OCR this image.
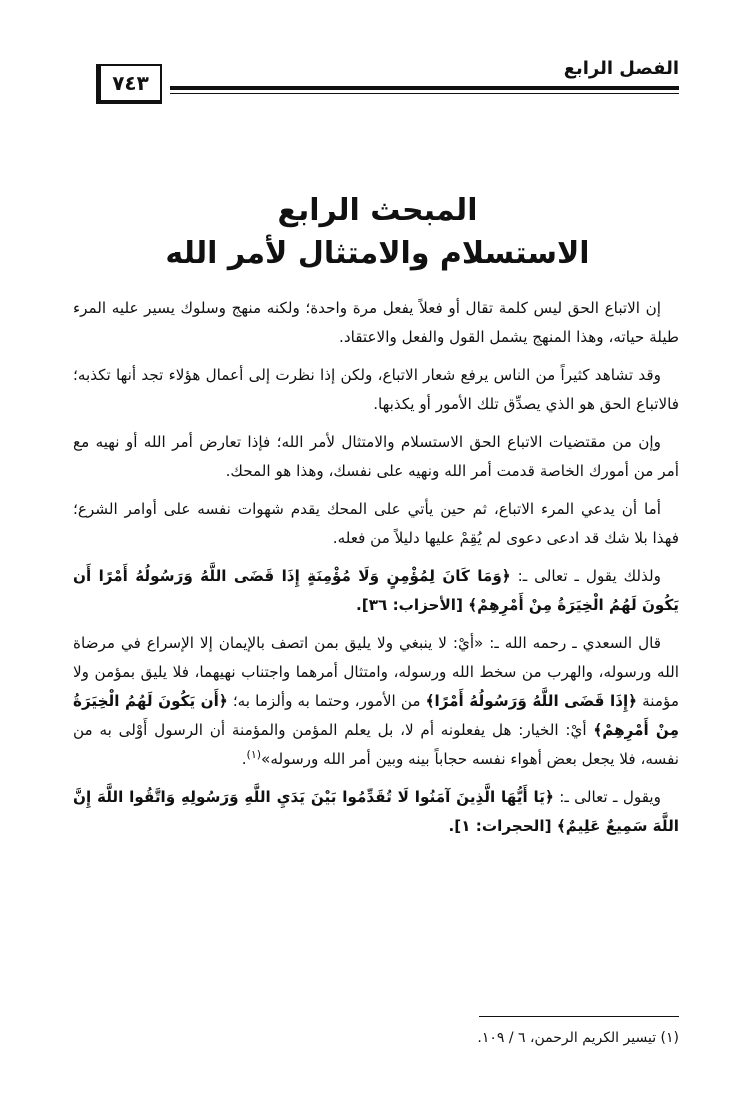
الفصل الرابع
٧٤٣
المبحث الرابع
الاستسلام والامتثال لأمر الله

إن الاتباع الحق ليس كلمة تقال أو فعلاً يفعل مرة واحدة؛ ولكنه منهج وسلوك يسير عليه المرء طيلة حياته، وهذا المنهج يشمل القول والفعل والاعتقاد.

وقد تشاهد كثيراً من الناس يرفع شعار الاتباع، ولكن إذا نظرت إلى أعمال هؤلاء تجد أنها تكذبه؛ فالاتباع الحق هو الذي يصدِّق تلك الأمور أو يكذبها.

وإن من مقتضيات الاتباع الحق الاستسلام والامتثال لأمر الله؛ فإذا تعارض أمر الله أو نهيه مع أمر من أمورك الخاصة قدمت أمر الله ونهيه على نفسك، وهذا هو المحك.

أما أن يدعي المرء الاتباع، ثم حين يأتي على المحك يقدم شهوات نفسه على أوامر الشرع؛ فهذا بلا شك قد ادعى دعوى لم يُقِمْ عليها دليلاً من فعله.

ولذلك يقول ـ تعالى ـ: ﴿وَمَا كَانَ لِمُؤْمِنٍ وَلَا مُؤْمِنَةٍ إِذَا قَضَى اللَّهُ وَرَسُولُهُ أَمْرًا أَن يَكُونَ لَهُمُ الْخِيَرَةُ مِنْ أَمْرِهِمْ﴾ [الأحزاب: ٣٦].

قال السعدي ـ رحمه الله ـ: «أيْ: لا ينبغي ولا يليق بمن اتصف بالإيمان إلا الإسراع في مرضاة الله ورسوله، والهرب من سخط الله ورسوله، وامتثال أمرهما واجتناب نهيهما، فلا يليق بمؤمن ولا مؤمنة ﴿إِذَا قَضَى اللَّهُ وَرَسُولُهُ أَمْرًا﴾ من الأمور، وحتما به وألزما به؛ ﴿أَن يَكُونَ لَهُمُ الْخِيَرَةُ مِنْ أَمْرِهِمْ﴾ أيْ: الخيار: هل يفعلونه أم لا، بل يعلم المؤمن والمؤمنة أن الرسول أَوْلى به من نفسه، فلا يجعل بعض أهواء نفسه حجاباً بينه وبين أمر الله ورسوله»$^{(١)}$.

ويقول ـ تعالى ـ: ﴿يَا أَيُّهَا الَّذِينَ آمَنُوا لَا تُقَدِّمُوا بَيْنَ يَدَيِ اللَّهِ وَرَسُولِهِ وَاتَّقُوا اللَّهَ إِنَّ اللَّهَ سَمِيعٌ عَلِيمٌ﴾ [الحجرات: ١].

(١) تيسير الكريم الرحمن، ٦ / ١٠٩.
